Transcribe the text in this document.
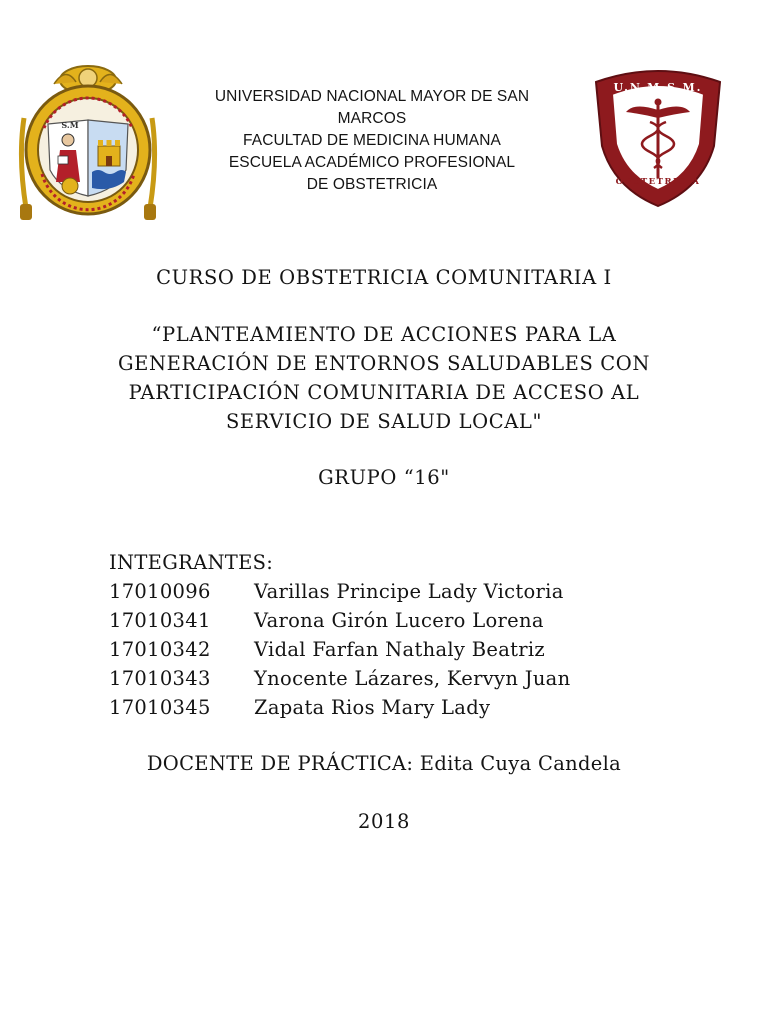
S.M
UNIVERSIDAD NACIONAL MAYOR DE SAN
MARCOS
FACULTAD DE MEDICINA HUMANA
ESCUELA ACADÉMICO PROFESIONAL
DE OBSTETRICIA
U.N.M.S.M.
OBSTETRICIA
CURSO DE OBSTETRICIA COMUNITARIA I
“PLANTEAMIENTO DE ACCIONES PARA LA
GENERACIÓN DE ENTORNOS SALUDABLES CON
PARTICIPACIÓN COMUNITARIA DE ACCESO AL
SERVICIO DE SALUD LOCAL"
GRUPO “16"
INTEGRANTES:
17010096	Varillas Principe Lady Victoria
17010341	Varona Girón Lucero Lorena
17010342	Vidal Farfan Nathaly Beatriz
17010343	Ynocente Lázares, Kervyn Juan
17010345	Zapata Rios Mary Lady
DOCENTE DE PRÁCTICA: Edita Cuya Candela
2018
